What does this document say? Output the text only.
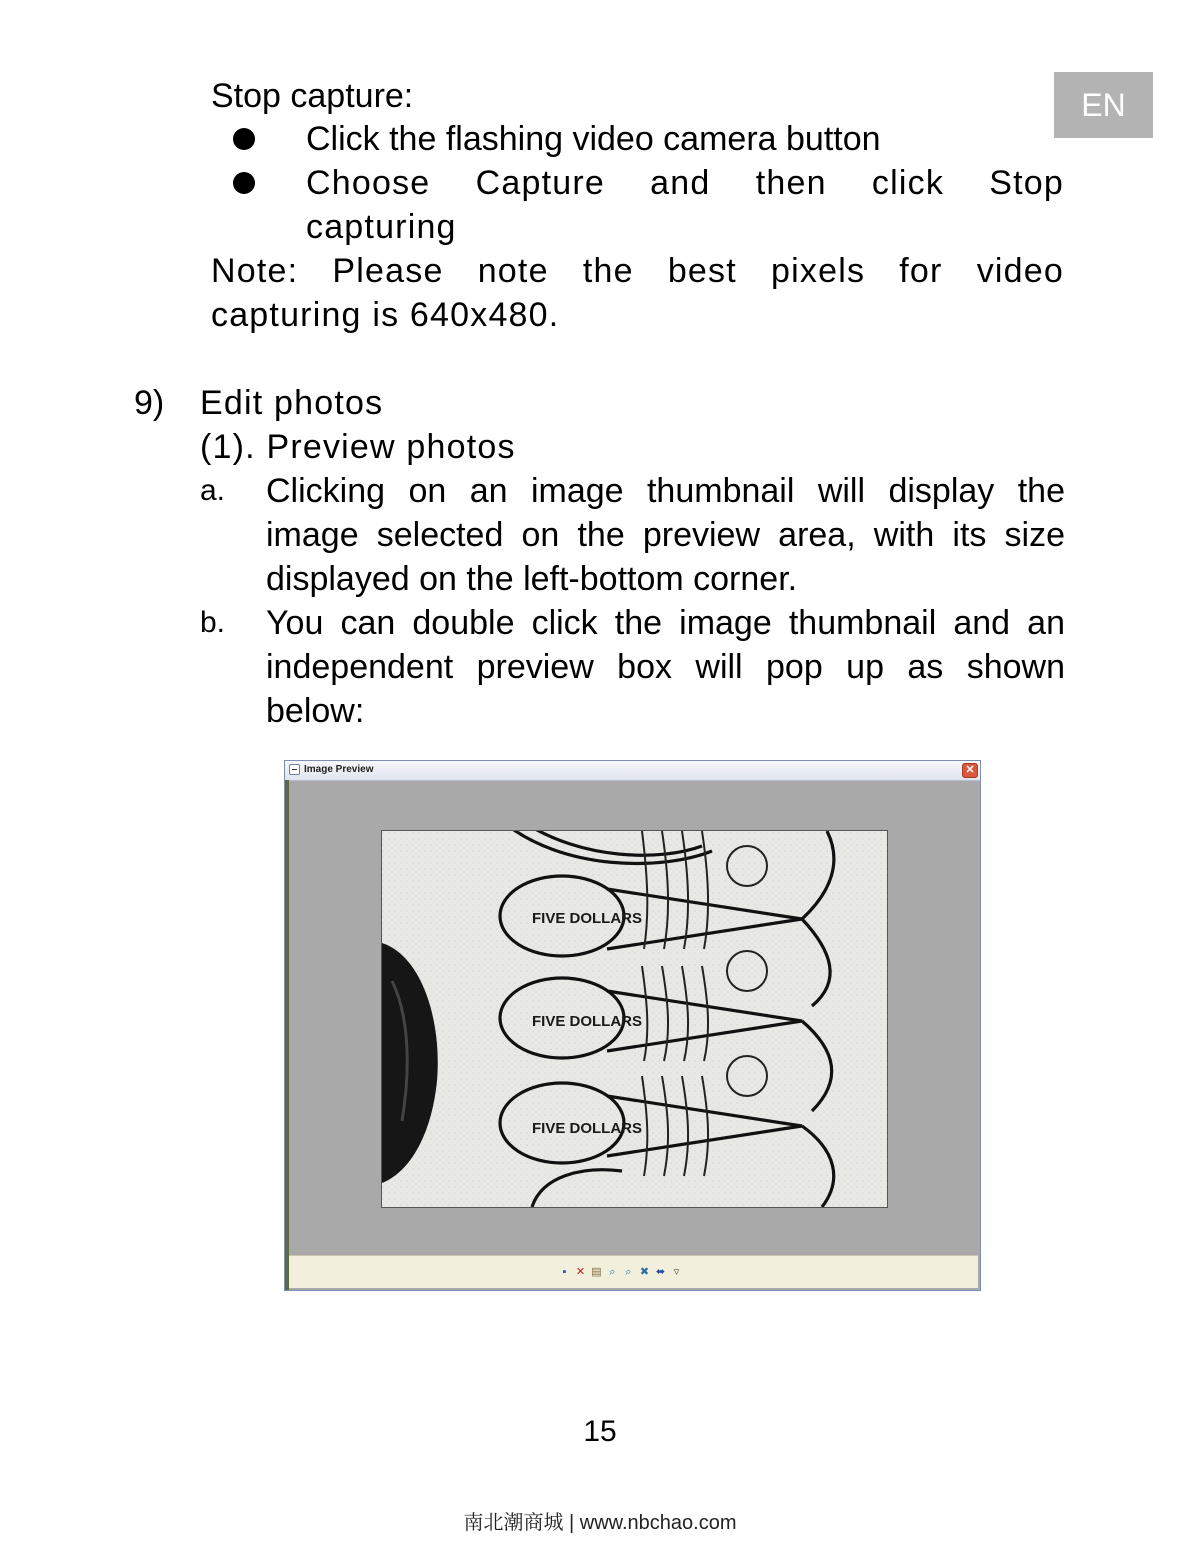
EN
Stop capture:
Click the flashing video camera button
Choose Capture and then click Stop
capturing
Note: Please note the best pixels for video
capturing is 640x480.
9) Edit photos
(1). Preview photos
a. Clicking on an image thumbnail will display the
image selected on the preview area, with its size
displayed on the left-bottom corner.
b. You can double click the image thumbnail and an
independent preview box will pop up as shown
below:
Image Preview	✕
FIVE DOLLARS
FIVE DOLLARS
FIVE DOLLARS
▪ ✕ ▤ ⌕ ⌕ ✖ ⬌ ▿
15
南北潮商城 | www.nbchao.com
